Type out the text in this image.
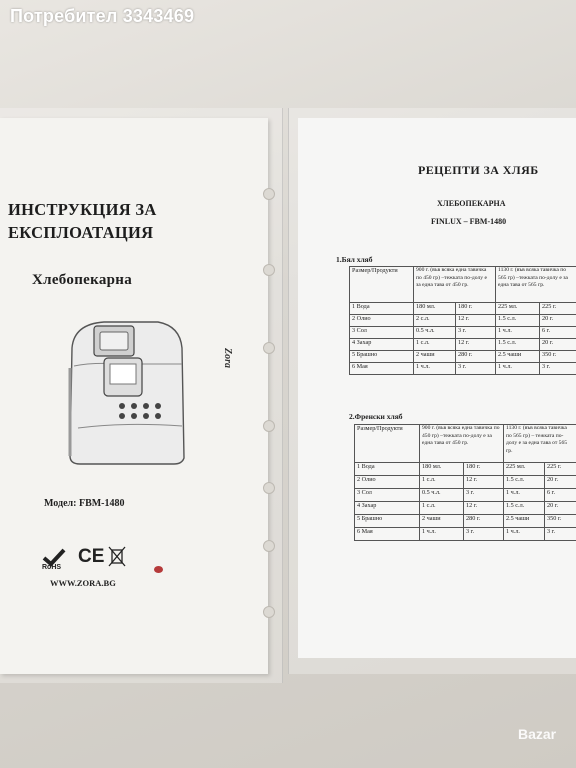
Потребител 3343469
ИНСТРУКЦИЯ ЗА
ЕКСПЛОАТАЦИЯ
Хлебопекарна
Zora
Модел: FBM-1480
RoHS
CE
WWW.ZORA.BG
РЕЦЕПТИ ЗА ХЛЯБ
ХЛЕБОПЕКАРНА
FINLUX – FBM-1480
1.Бял хляб
Размер/Продукти	900 г. (във всяка една тавичка по 450 гр) –тежката по-долу е за една тава от 450 гр.		1130 г. (във всяка тавичка по 565 гр) –тежката по-долу е за една тава от 565 гр.	
1 Вода	180 мл.	180 г.	225 мл.	225 г.
2 Олио	2 с.л.	12 г.	1.5 с.л.	20 г.
3 Сол	0.5 ч.л.	3 г.	1 ч.л.	6 г.
4 Захар	1 с.л.	12 г.	1.5 с.л.	20 г.
5 Брашно	2 чаши	280 г.	2.5 чаши	350 г.
6 Мая	1 ч.л.	3 г.	1 ч.л.	3 г.
2.Френски хляб
Размер/Продукти	900 г. (във всяка една тавичка по 450 гр) –тежката по-долу е за една тава от 450 гр.		1130 г. (във всяка тавичка по 565 гр) – тежката по-долу е за една тава от 565 гр.	
1 Вода	180 мл.	180 г.	225 мл.	225 г.
2 Олио	1 с.л.	12 г.	1.5 с.л.	20 г.
3 Сол	0.5 ч.л.	3 г.	1 ч.л.	6 г.
4 Захар	1 с.л.	12 г.	1.5 с.л.	20 г.
5 Брашно	2 чаши	280 г.	2.5 чаши	350 г.
6 Мая	1 ч.л.	3 г.	1 ч.л.	3 г.
Bazar
